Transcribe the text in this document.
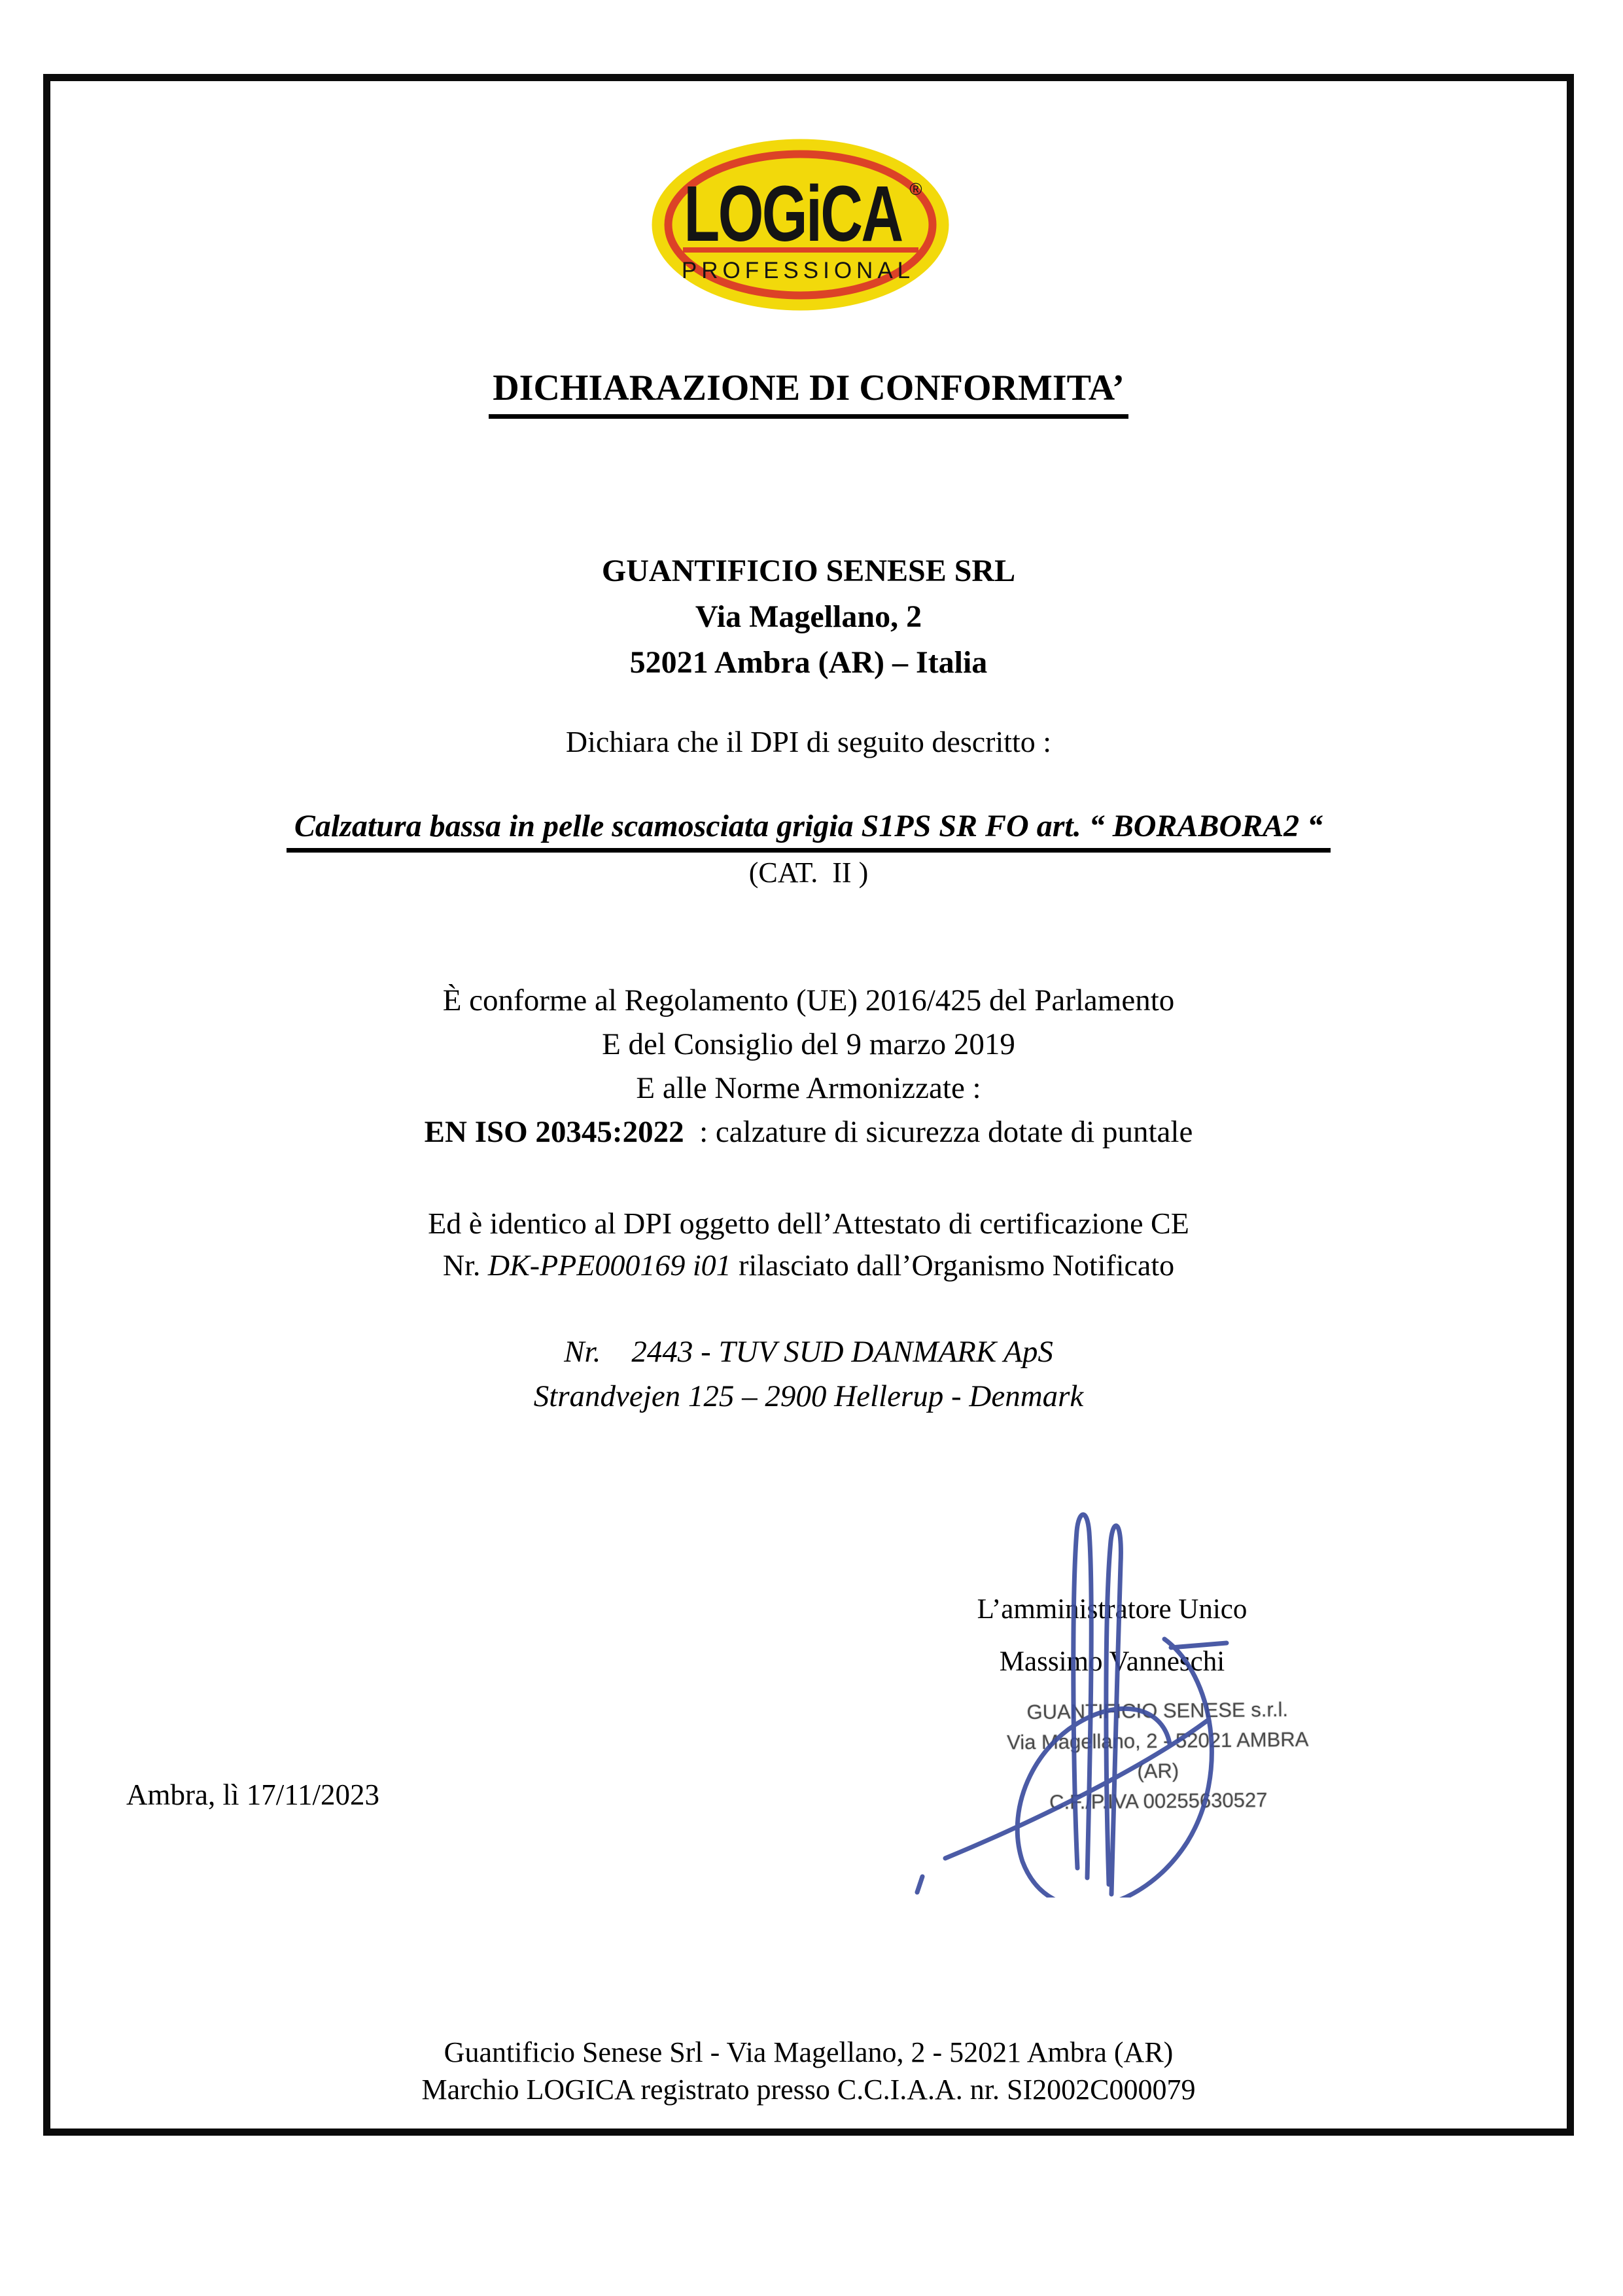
LOGiCA ®
PROFESSIONAL
DICHIARAZIONE DI CONFORMITA’
GUANTIFICIO SENESE SRL
Via Magellano, 2
52021 Ambra (AR) – Italia
Dichiara che il DPI di seguito descritto :
Calzatura bassa in pelle scamosciata grigia S1PS SR FO art. “ BORABORA2 “
(CAT.  II )
È conforme al Regolamento (UE) 2016/425 del Parlamento
E del Consiglio del 9 marzo 2019
E alle Norme Armonizzate :
EN ISO 20345:2022  : calzature di sicurezza dotate di puntale
Ed è identico al DPI oggetto dell’Attestato di certificazione CE
Nr. DK-PPE000169 i01 rilasciato dall’Organismo Notificato
Nr.    2443 - TUV SUD DANMARK ApS
Strandvejen 125 – 2900 Hellerup - Denmark
L’amministratore Unico
Massimo Vanneschi
GUANTIFICIO SENESE s.r.l.
Via Magellano, 2 - 52021 AMBRA (AR)
C.F./P.IVA 00255630527
Ambra, lì 17/11/2023
Guantificio Senese Srl - Via Magellano, 2 - 52021 Ambra (AR)
Marchio LOGICA registrato presso C.C.I.A.A. nr. SI2002C000079
